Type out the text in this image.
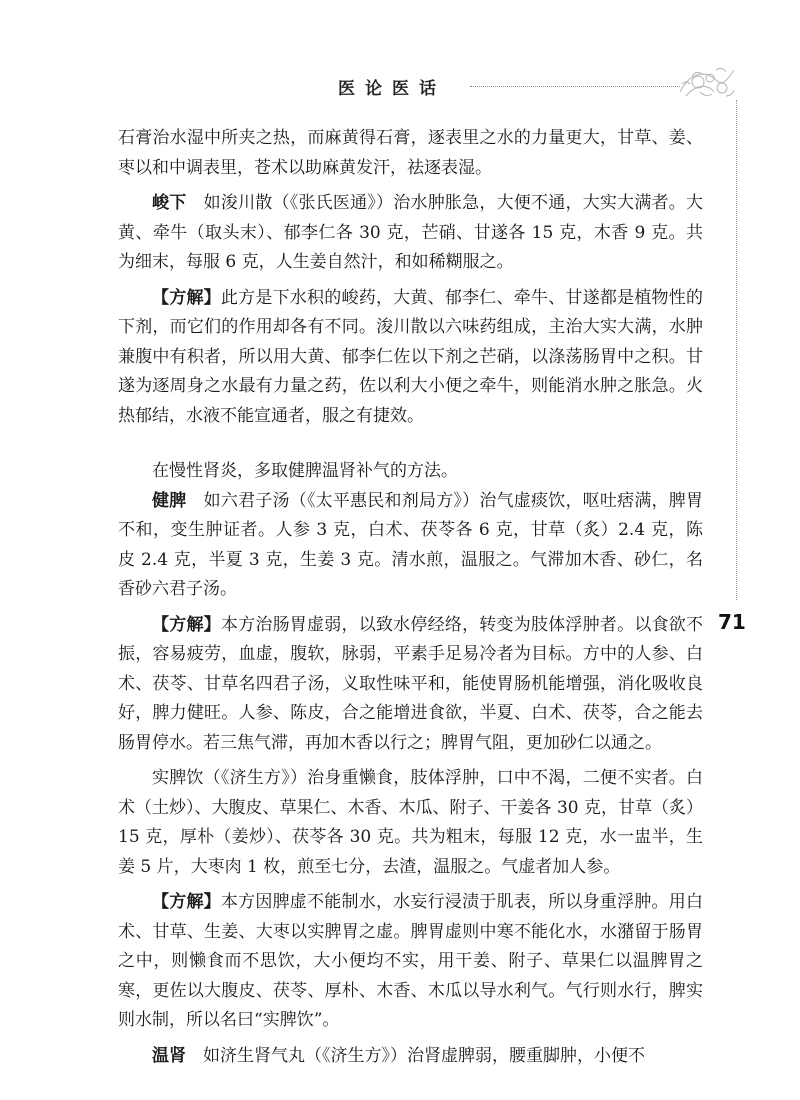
医论医话
71

石膏治水湿中所夹之热，而麻黄得石膏，逐表里之水的力量更大，甘草、姜、枣以和中调表里，苍术以助麻黄发汗，祛逐表湿。

峻下　如浚川散（《张氏医通》）治水肿胀急，大便不通，大实大满者。大黄、牵牛（取头末）、郁李仁各 30 克，芒硝、甘遂各 15 克，木香 9 克。共为细末，每服 6 克，人生姜自然汁，和如稀糊服之。

【方解】此方是下水积的峻药，大黄、郁李仁、牵牛、甘遂都是植物性的下剂，而它们的作用却各有不同。浚川散以六味药组成，主治大实大满，水肿兼腹中有积者，所以用大黄、郁李仁佐以下剂之芒硝，以涤荡肠胃中之积。甘遂为逐周身之水最有力量之药，佐以利大小便之牵牛，则能消水肿之胀急。火热郁结，水液不能宣通者，服之有捷效。

在慢性肾炎，多取健脾温肾补气的方法。

健脾　如六君子汤（《太平惠民和剂局方》）治气虚痰饮，呕吐痞满，脾胃不和，变生肿证者。人参 3 克，白术、茯苓各 6 克，甘草（炙）2.4 克，陈皮 2.4 克，半夏 3 克，生姜 3 克。清水煎，温服之。气滞加木香、砂仁，名香砂六君子汤。

【方解】本方治肠胃虚弱，以致水停经络，转变为肢体浮肿者。以食欲不振，容易疲劳，血虚，腹软，脉弱，平素手足易冷者为目标。方中的人参、白术、茯苓、甘草名四君子汤，义取性味平和，能使胃肠机能增强，消化吸收良好，脾力健旺。人参、陈皮，合之能增进食欲，半夏、白术、茯苓，合之能去肠胃停水。若三焦气滞，再加木香以行之；脾胃气阻，更加砂仁以通之。

实脾饮（《济生方》）治身重懒食，肢体浮肿，口中不渴，二便不实者。白术（土炒）、大腹皮、草果仁、木香、木瓜、附子、干姜各 30 克，甘草（炙）15 克，厚朴（姜炒）、茯苓各 30 克。共为粗末，每服 12 克，水一盅半，生姜 5 片，大枣肉 1 枚，煎至七分，去渣，温服之。气虚者加人参。

【方解】本方因脾虚不能制水，水妄行浸渍于肌表，所以身重浮肿。用白术、甘草、生姜、大枣以实脾胃之虚。脾胃虚则中寒不能化水，水潴留于肠胃之中，则懒食而不思饮，大小便均不实，用干姜、附子、草果仁以温脾胃之寒，更佐以大腹皮、茯苓、厚朴、木香、木瓜以导水利气。气行则水行，脾实则水制，所以名曰“实脾饮”。

温肾　如济生肾气丸（《济生方》）治肾虚脾弱，腰重脚肿，小便不
